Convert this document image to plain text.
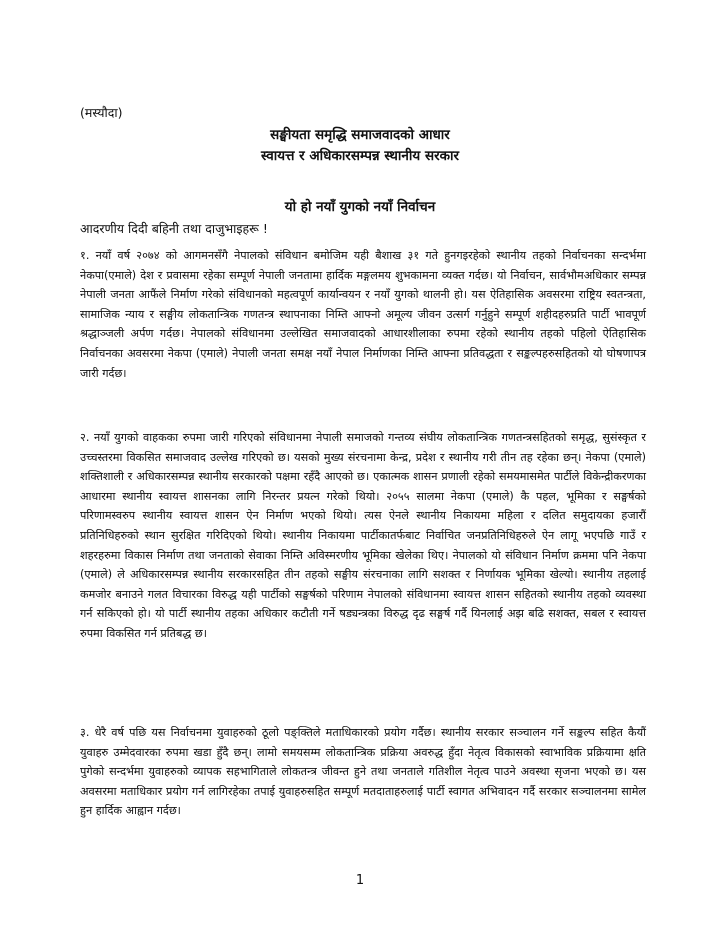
(मस्यौदा)
सङ्घीयता समृद्धि समाजवादको आधार
स्वायत्त र अधिकारसम्पन्न स्थानीय सरकार
यो हो नयाँ युगको नयाँ निर्वाचन
आदरणीय दिदी बहिनी तथा दाजुभाइहरू !

१. नयाँ वर्ष २०७४ को आगमनसँगै नेपालको संविधान बमोजिम यही बैशाख ३१ गते हुनगइरहेको स्थानीय तहको निर्वाचनका सन्दर्भमा नेकपा(एमाले) देश र प्रवासमा रहेका सम्पूर्ण नेपाली जनतामा हार्दिक मङ्गलमय शुभकामना व्यक्त गर्दछ। यो निर्वाचन, सार्वभौमअधिकार सम्पन्न नेपाली जनता आफैंले निर्माण गरेको संविधानको महत्वपूर्ण कार्यान्वयन र नयाँ युगको थालनी हो। यस ऐतिहासिक अवसरमा राष्ट्रिय स्वतन्त्रता, सामाजिक न्याय र सङ्घीय लोकतान्त्रिक गणतन्त्र स्थापनाका निम्ति आफ्नो अमूल्य जीवन उत्सर्ग गर्नुहुने सम्पूर्ण शहीदहरुप्रति पार्टी भावपूर्ण श्रद्धाञ्जली अर्पण गर्दछ। नेपालको संविधानमा उल्लेखित समाजवादको आधारशीलाका रुपमा रहेको स्थानीय तहको पहिलो ऐतिहासिक निर्वाचनका अवसरमा नेकपा (एमाले) नेपाली जनता समक्ष नयाँ नेपाल निर्माणका निम्ति आफ्ना प्रतिवद्धता र सङ्कल्पहरुसहितको यो घोषणापत्र जारी गर्दछ।

२. नयाँ युगको वाहकका रुपमा जारी गरिएको संविधानमा नेपाली समाजको गन्तव्य संघीय लोकतान्त्रिक गणतन्त्रसहितको समृद्ध, सुसंस्कृत र उच्चस्तरमा विकसित समाजवाद उल्लेख गरिएको छ। यसको मुख्य संरचनामा केन्द्र, प्रदेश र स्थानीय गरी तीन तह रहेका छन्। नेकपा (एमाले) शक्तिशाली र अधिकारसम्पन्न स्थानीय सरकारको पक्षमा रहँदै आएको छ। एकात्मक शासन प्रणाली रहेको समयमासमेत पार्टीले विकेन्द्रीकरणका आधारमा स्थानीय स्वायत्त शासनका लागि निरन्तर प्रयत्न गरेको थियो। २०५५ सालमा नेकपा (एमाले) कै पहल, भूमिका र सङ्घर्षको परिणामस्वरुप स्थानीय स्वायत्त शासन ऐन निर्माण भएको थियो। त्यस ऐनले स्थानीय निकायमा महिला र दलित समुदायका हजारौं प्रतिनिधिहरुको स्थान सुरक्षित गरिदिएको थियो। स्थानीय निकायमा पार्टीकातर्फबाट निर्वाचित जनप्रतिनिधिहरुले ऐन लागू भएपछि गाउँ र शहरहरुमा विकास निर्माण तथा जनताको सेवाका निम्ति अविस्मरणीय भूमिका खेलेका थिए। नेपालको यो संविधान निर्माण क्रममा पनि नेकपा (एमाले) ले अधिकारसम्पन्न स्थानीय सरकारसहित तीन तहको सङ्घीय संरचनाका लागि सशक्त र निर्णायक भूमिका खेल्यो। स्थानीय तहलाई कमजोर बनाउने गलत विचारका विरुद्ध यही पार्टीको सङ्घर्षको परिणाम नेपालको संविधानमा स्वायत्त शासन सहितको स्थानीय तहको व्यवस्था गर्न सकिएको हो। यो पार्टी स्थानीय तहका अधिकार कटौती गर्ने षड्यन्त्रका विरुद्ध दृढ सङ्घर्ष गर्दै यिनलाई अझ बढि सशक्त, सबल र स्वायत्त रुपमा विकसित गर्न प्रतिबद्ध छ।

३. धेरै वर्ष पछि यस निर्वाचनमा युवाहरुको ठूलो पङ्क्तिले मताधिकारको प्रयोग गर्दैछ। स्थानीय सरकार सञ्चालन गर्ने सङ्कल्प सहित कैयौं युवाहरु उम्मेदवारका रुपमा खडा हुँदै छन्। लामो समयसम्म लोकतान्त्रिक प्रक्रिया अवरुद्ध हुँदा नेतृत्व विकासको स्वाभाविक प्रक्रियामा क्षति पुगेको सन्दर्भमा युवाहरुको व्यापक सहभागिताले लोकतन्त्र जीवन्त हुने तथा जनताले गतिशील नेतृत्व पाउने अवस्था सृजना भएको छ। यस अवसरमा मताधिकार प्रयोग गर्न लागिरहेका तपाई युवाहरुसहित सम्पूर्ण मतदाताहरुलाई पार्टी स्वागत अभिवादन गर्दै सरकार सञ्चालनमा सामेल हुन हार्दिक आह्वान गर्दछ।

1
